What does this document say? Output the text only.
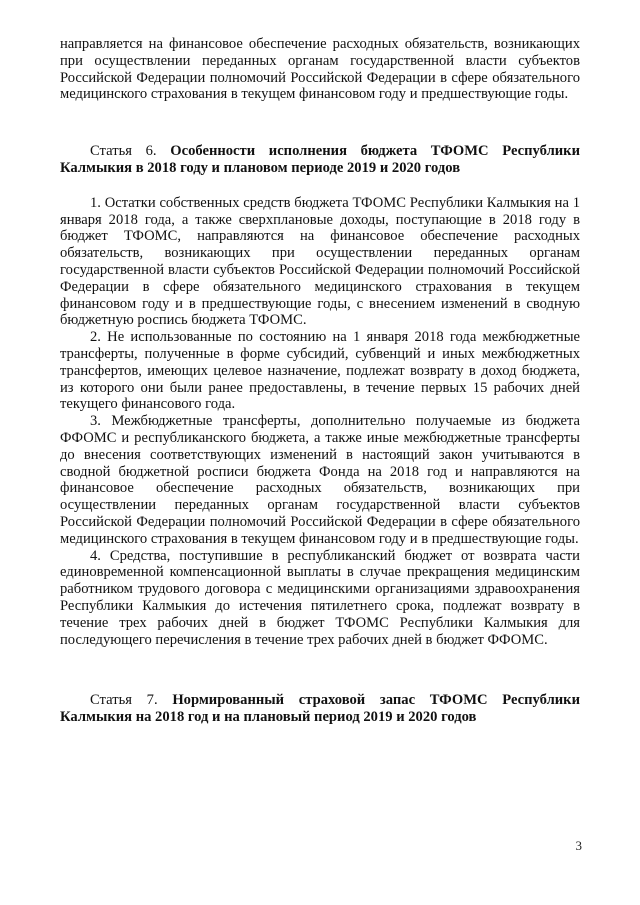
направляется на финансовое обеспечение расходных обязательств, возникающих при осуществлении переданных органам государственной власти субъектов Российской Федерации полномочий Российской Федерации в сфере обязательного медицинского страхования в текущем финансовом году и предшествующие годы.

Статья 6. Особенности исполнения бюджета ТФОМС Республики Калмыкия в 2018 году и плановом периоде 2019 и 2020 годов

1. Остатки собственных средств бюджета ТФОМС Республики Калмыкия на 1 января 2018 года, а также сверхплановые доходы, поступающие в 2018 году в бюджет ТФОМС, направляются на финансовое обеспечение расходных обязательств, возникающих при осуществлении переданных органам государственной власти субъектов Российской Федерации полномочий Российской Федерации в сфере обязательного медицинского страхования в текущем финансовом году и в предшествующие годы, с внесением изменений в сводную бюджетную роспись бюджета ТФОМС.

2. Не использованные по состоянию на 1 января 2018 года межбюджетные трансферты, полученные в форме субсидий, субвенций и иных межбюджетных трансфертов, имеющих целевое назначение, подлежат возврату в доход бюджета, из которого они были ранее предоставлены, в течение первых 15 рабочих дней текущего финансового года.

3. Межбюджетные трансферты, дополнительно получаемые из бюджета ФФОМС и республиканского бюджета, а также иные межбюджетные трансферты до внесения соответствующих изменений в настоящий закон учитываются в сводной бюджетной росписи бюджета Фонда на 2018 год и направляются на финансовое обеспечение расходных обязательств, возникающих при осуществлении переданных органам государственной власти субъектов Российской Федерации полномочий Российской Федерации в сфере обязательного медицинского страхования в текущем финансовом году и в предшествующие годы.

4. Средства, поступившие в республиканский бюджет от возврата части единовременной компенсационной выплаты в случае прекращения медицинским работником трудового договора с медицинскими организациями здравоохранения Республики Калмыкия до истечения пятилетнего срока, подлежат возврату в течение трех рабочих дней в бюджет ТФОМС Республики Калмыкия для последующего перечисления в течение трех рабочих дней в бюджет ФФОМС.

Статья 7. Нормированный страховой запас ТФОМС Республики Калмыкия на 2018 год и на плановый период 2019 и 2020 годов

3
